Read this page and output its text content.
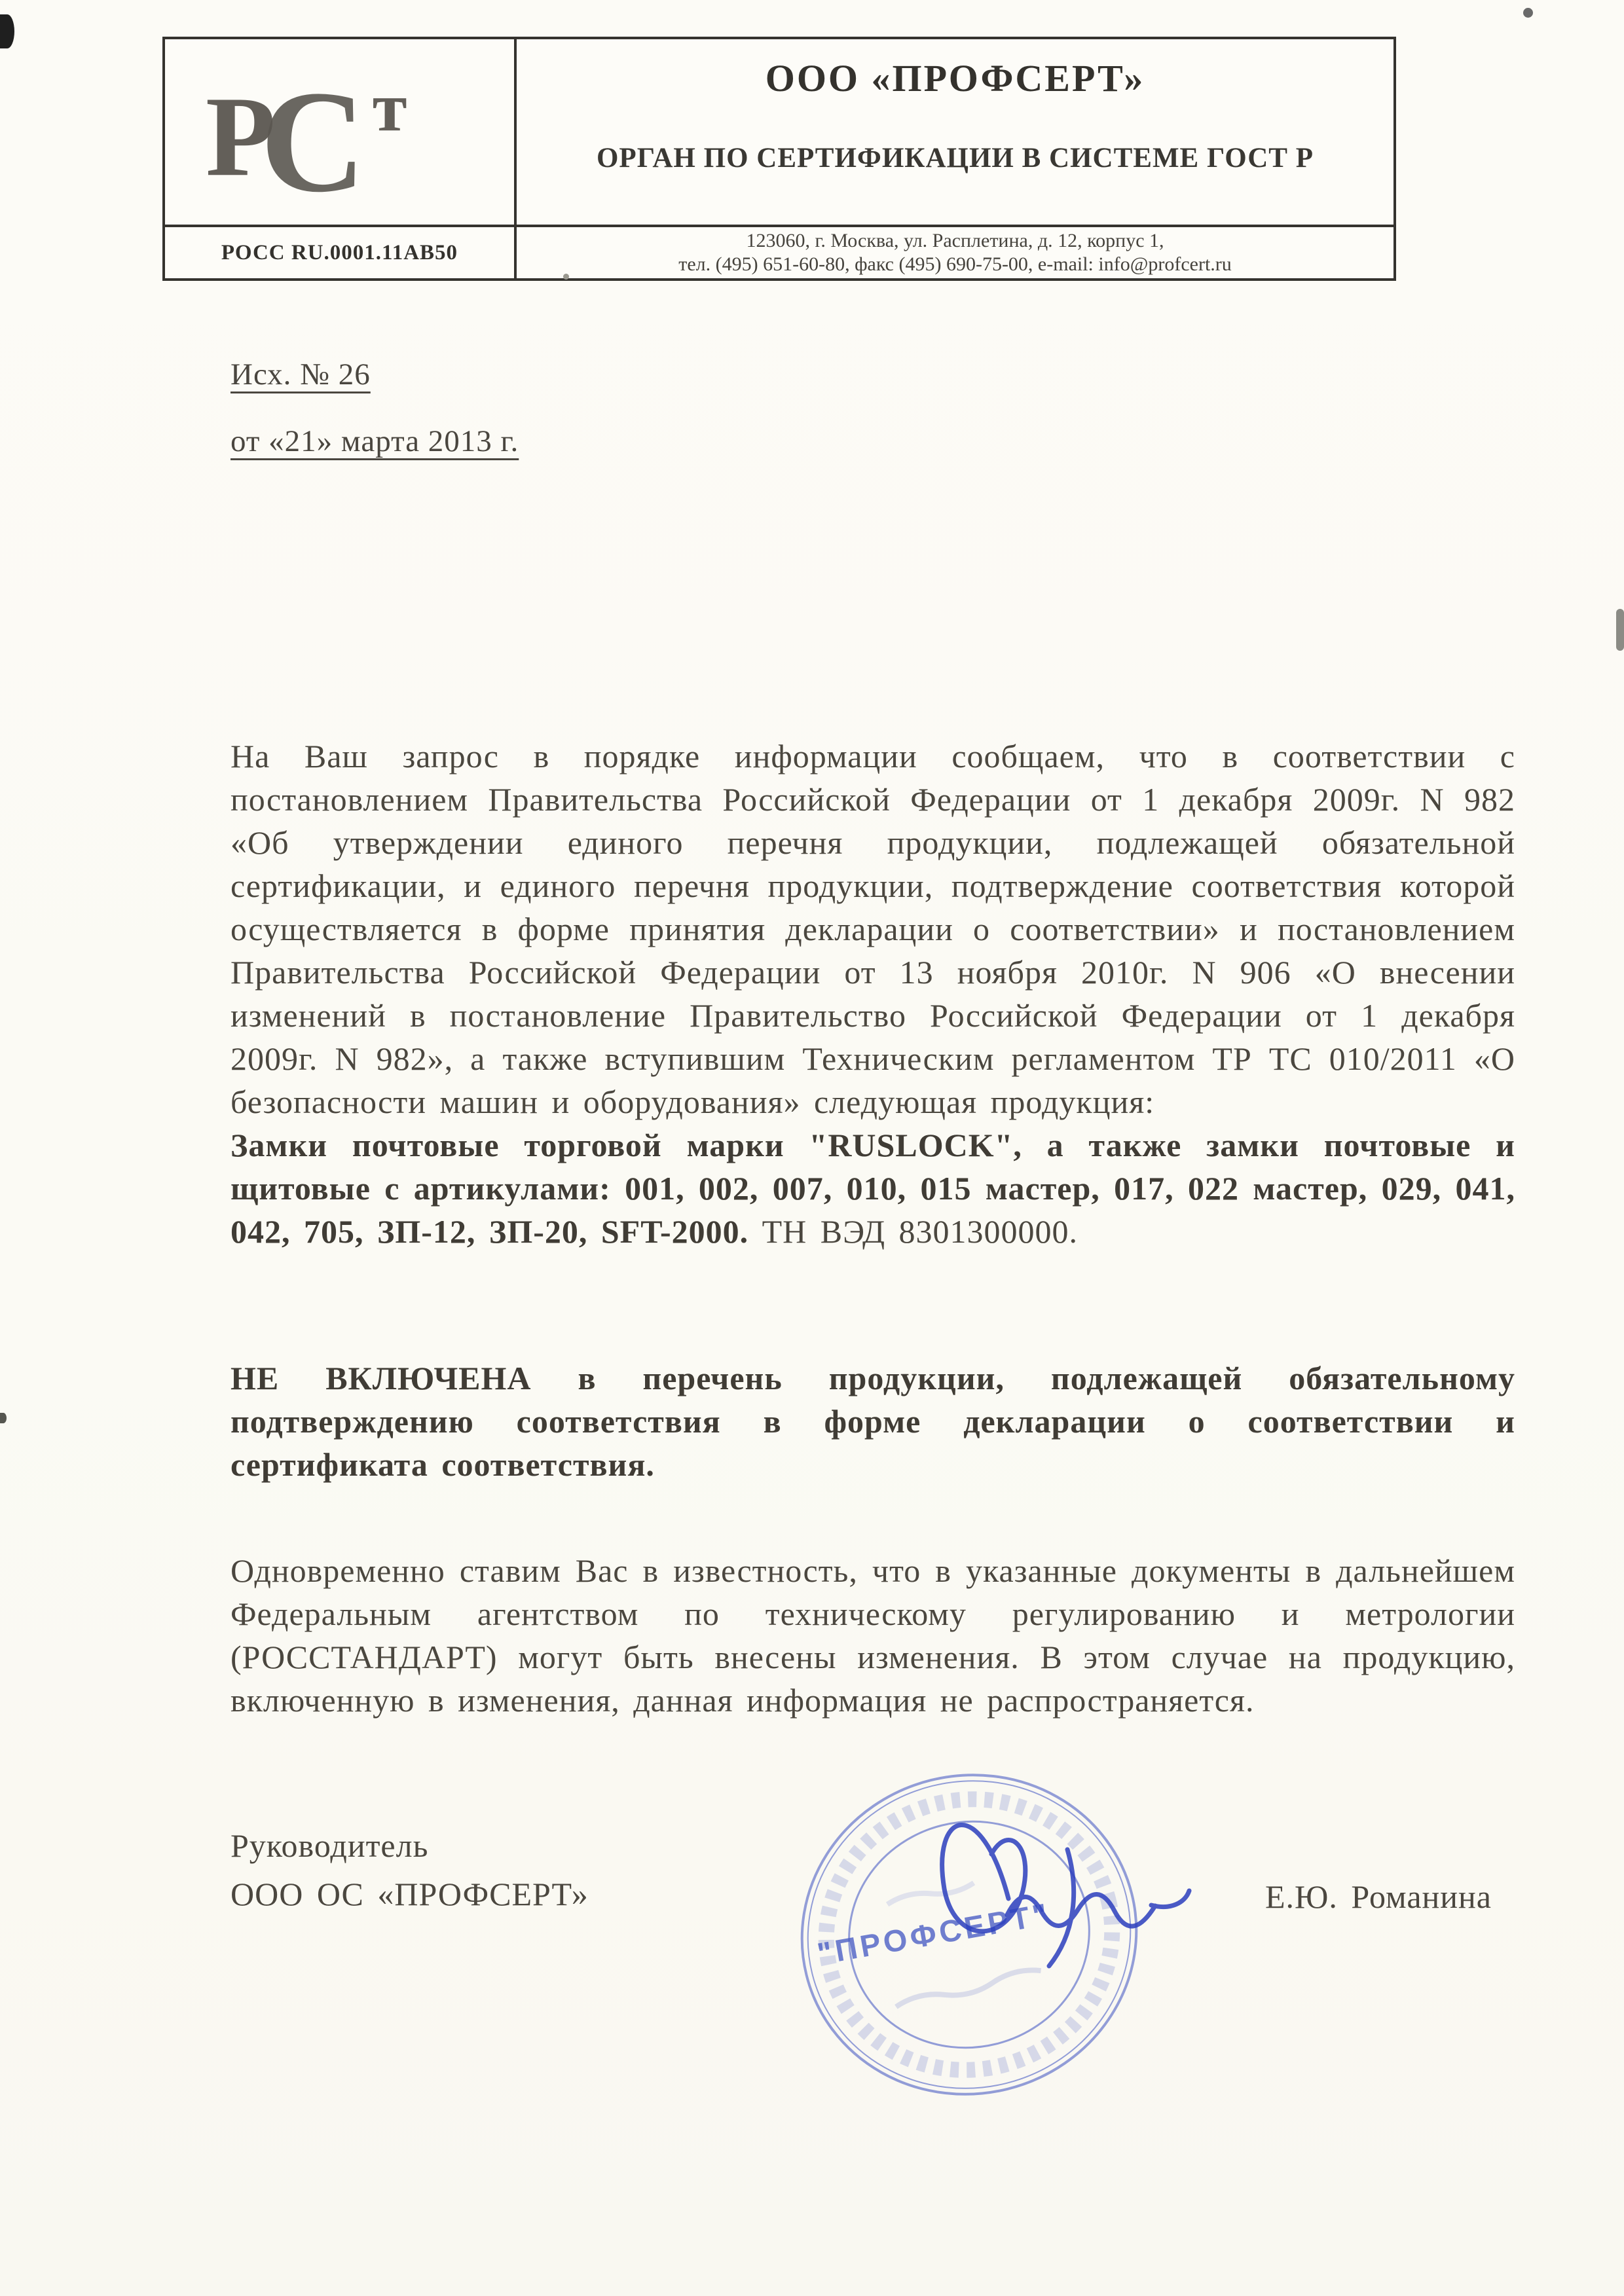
Р
С т	ООО «ПРОФСЕРТ»
ОРГАН ПО СЕРТИФИКАЦИИ В СИСТЕМЕ ГОСТ Р
РОСС RU.0001.11АВ50	123060, г. Москва, ул. Расплетина, д. 12, корпус 1,
тел. (495) 651-60-80, факс (495) 690-75-00, e-mail: info@profcert.ru
Исх. № 26
от «21» марта 2013 г.

На Ваш запрос в порядке информации сообщаем, что в соответствии с постановлением Правительства Российской Федерации от 1 декабря 2009г. N 982 «Об утверждении единого перечня продукции, подлежащей обязательной сертификации, и единого перечня продукции, подтверждение соответствия которой осуществляется в форме принятия декларации о соответствии» и постановлением Правительства Российской Федерации от 13 ноября 2010г. N 906 «О внесении изменений в постановление Правительство Российской Федерации от 1 декабря 2009г. N 982», а также вступившим Техническим регламентом ТР ТС 010/2011 «О безопасности машин и оборудования» следующая продукция:

Замки почтовые торговой марки "RUSLOCK", а также замки почтовые и щитовые с артикулами: 001, 002, 007, 010, 015 мастер, 017, 022 мастер, 029, 041, 042, 705, ЗП-12, ЗП-20, SFT-2000. ТН ВЭД 8301300000.

НЕ ВКЛЮЧЕНА в перечень продукции, подлежащей обязательному подтверждению соответствия в форме декларации о соответствии и сертификата соответствия.

Одновременно ставим Вас в известность, что в указанные документы в дальнейшем Федеральным агентством по техническому регулированию и метрологии (РОССТАНДАРТ) могут быть внесены изменения. В этом случае на продукцию, включенную в изменения, данная информация не распространяется.

Руководитель
ООО ОС «ПРОФСЕРТ»	Е.Ю. Романина
"ПРОФСЕРТ"
